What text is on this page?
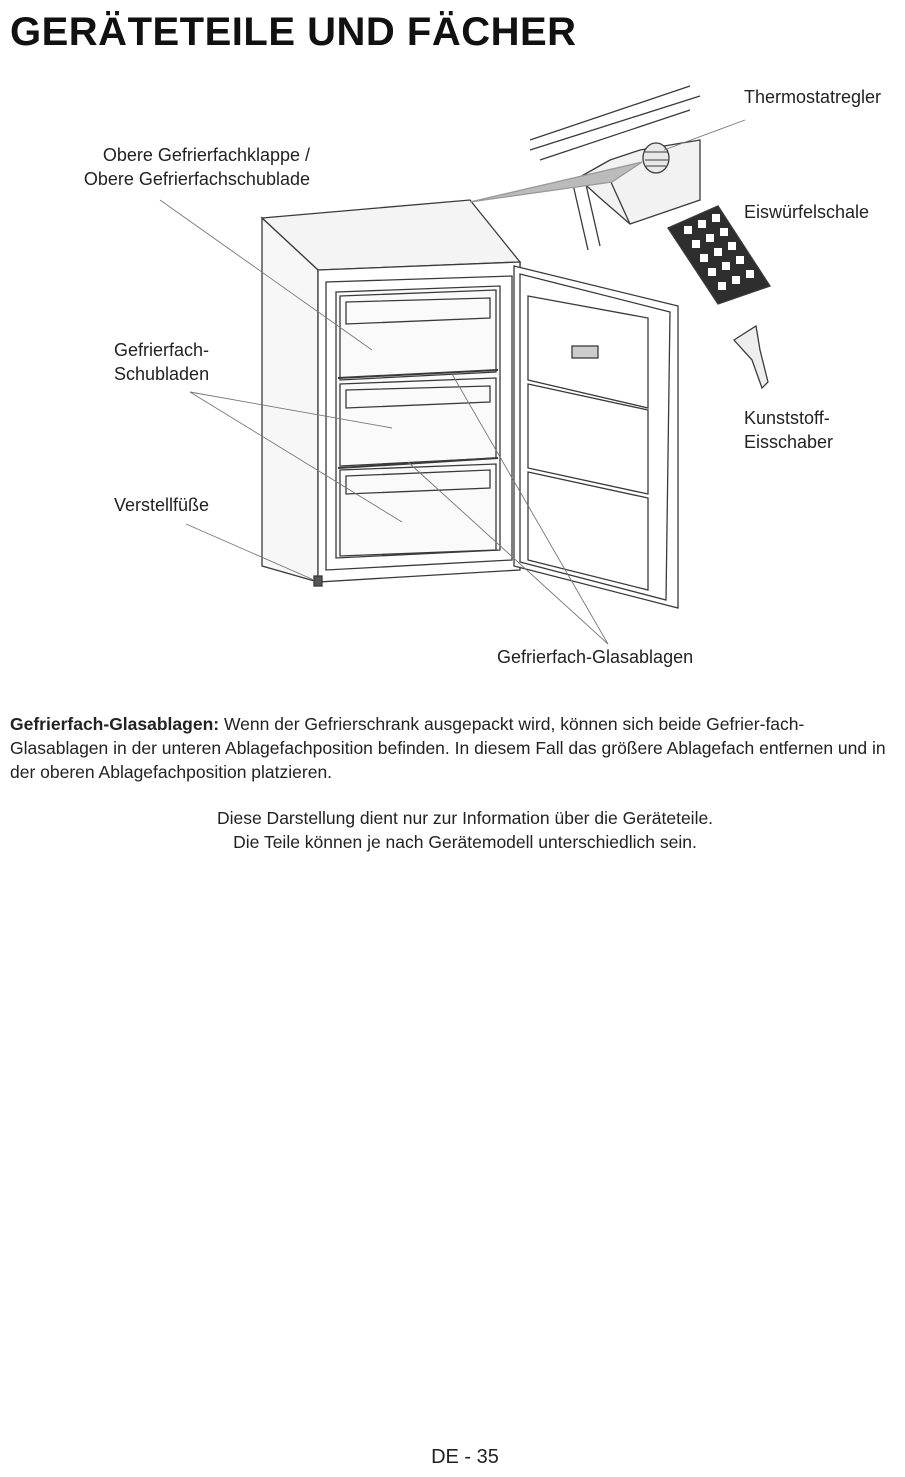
GERÄTETEILE UND FÄCHER
Obere Gefrierfachklappe /
Obere Gefrierfachschublade
Gefrierfach-
Schubladen
Verstellfüße
Thermostatregler
Eiswürfelschale
Kunststoff-
Eisschaber
Gefrierfach-Glasablagen

Gefrierfach-Glasablagen: Wenn der Gefrierschrank ausgepackt wird, können sich beide Gefrier-fach-Glasablagen in der unteren Ablagefachposition befinden. In diesem Fall das größere Ablagefach entfernen und in der oberen Ablagefachposition platzieren.

Diese Darstellung dient nur zur Information über die Geräteteile.

Die Teile können je nach Gerätemodell unterschiedlich sein.

DE - 35
